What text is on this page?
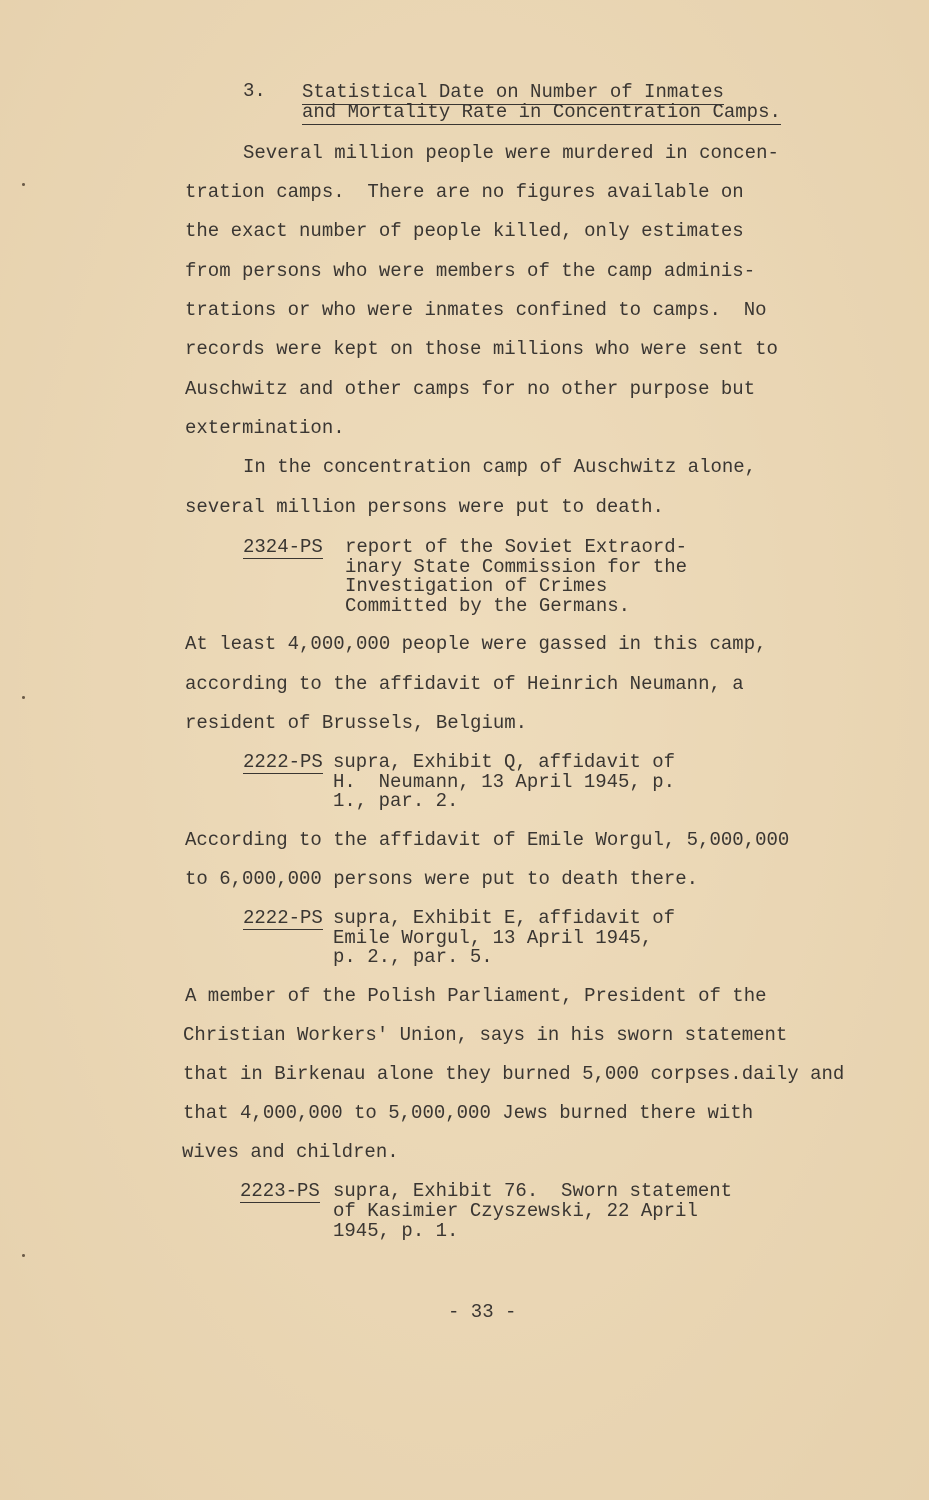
3. Statistical Date on Number of Inmates
and Mortality Rate in Concentration Camps.
Several million people were murdered in concen-
tration camps.  There are no figures available on
the exact number of people killed, only estimates
from persons who were members of the camp adminis-
trations or who were inmates confined to camps.  No
records were kept on those millions who were sent to
Auschwitz and other camps for no other purpose but
extermination.
In the concentration camp of Auschwitz alone,
several million persons were put to death.
2324-PS report of the Soviet Extraord-
inary State Commission for the
Investigation of Crimes
Committed by the Germans.
At least 4,000,000 people were gassed in this camp,
according to the affidavit of Heinrich Neumann, a
resident of Brussels, Belgium.
2222-PS supra, Exhibit Q, affidavit of
H.  Neumann, 13 April 1945, p.
1., par. 2.
According to the affidavit of Emile Worgul, 5,000,000
to 6,000,000 persons were put to death there.
2222-PS supra, Exhibit E, affidavit of
Emile Worgul, 13 April 1945,
p. 2., par. 5.
A member of the Polish Parliament, President of the
Christian Workers' Union, says in his sworn statement
that in Birkenau alone they burned 5,000 corpses.daily and
that 4,000,000 to 5,000,000 Jews burned there with
wives and children.
2223-PS supra, Exhibit 76.  Sworn statement
of Kasimier Czyszewski, 22 April
1945, p. 1.
- 33 -
